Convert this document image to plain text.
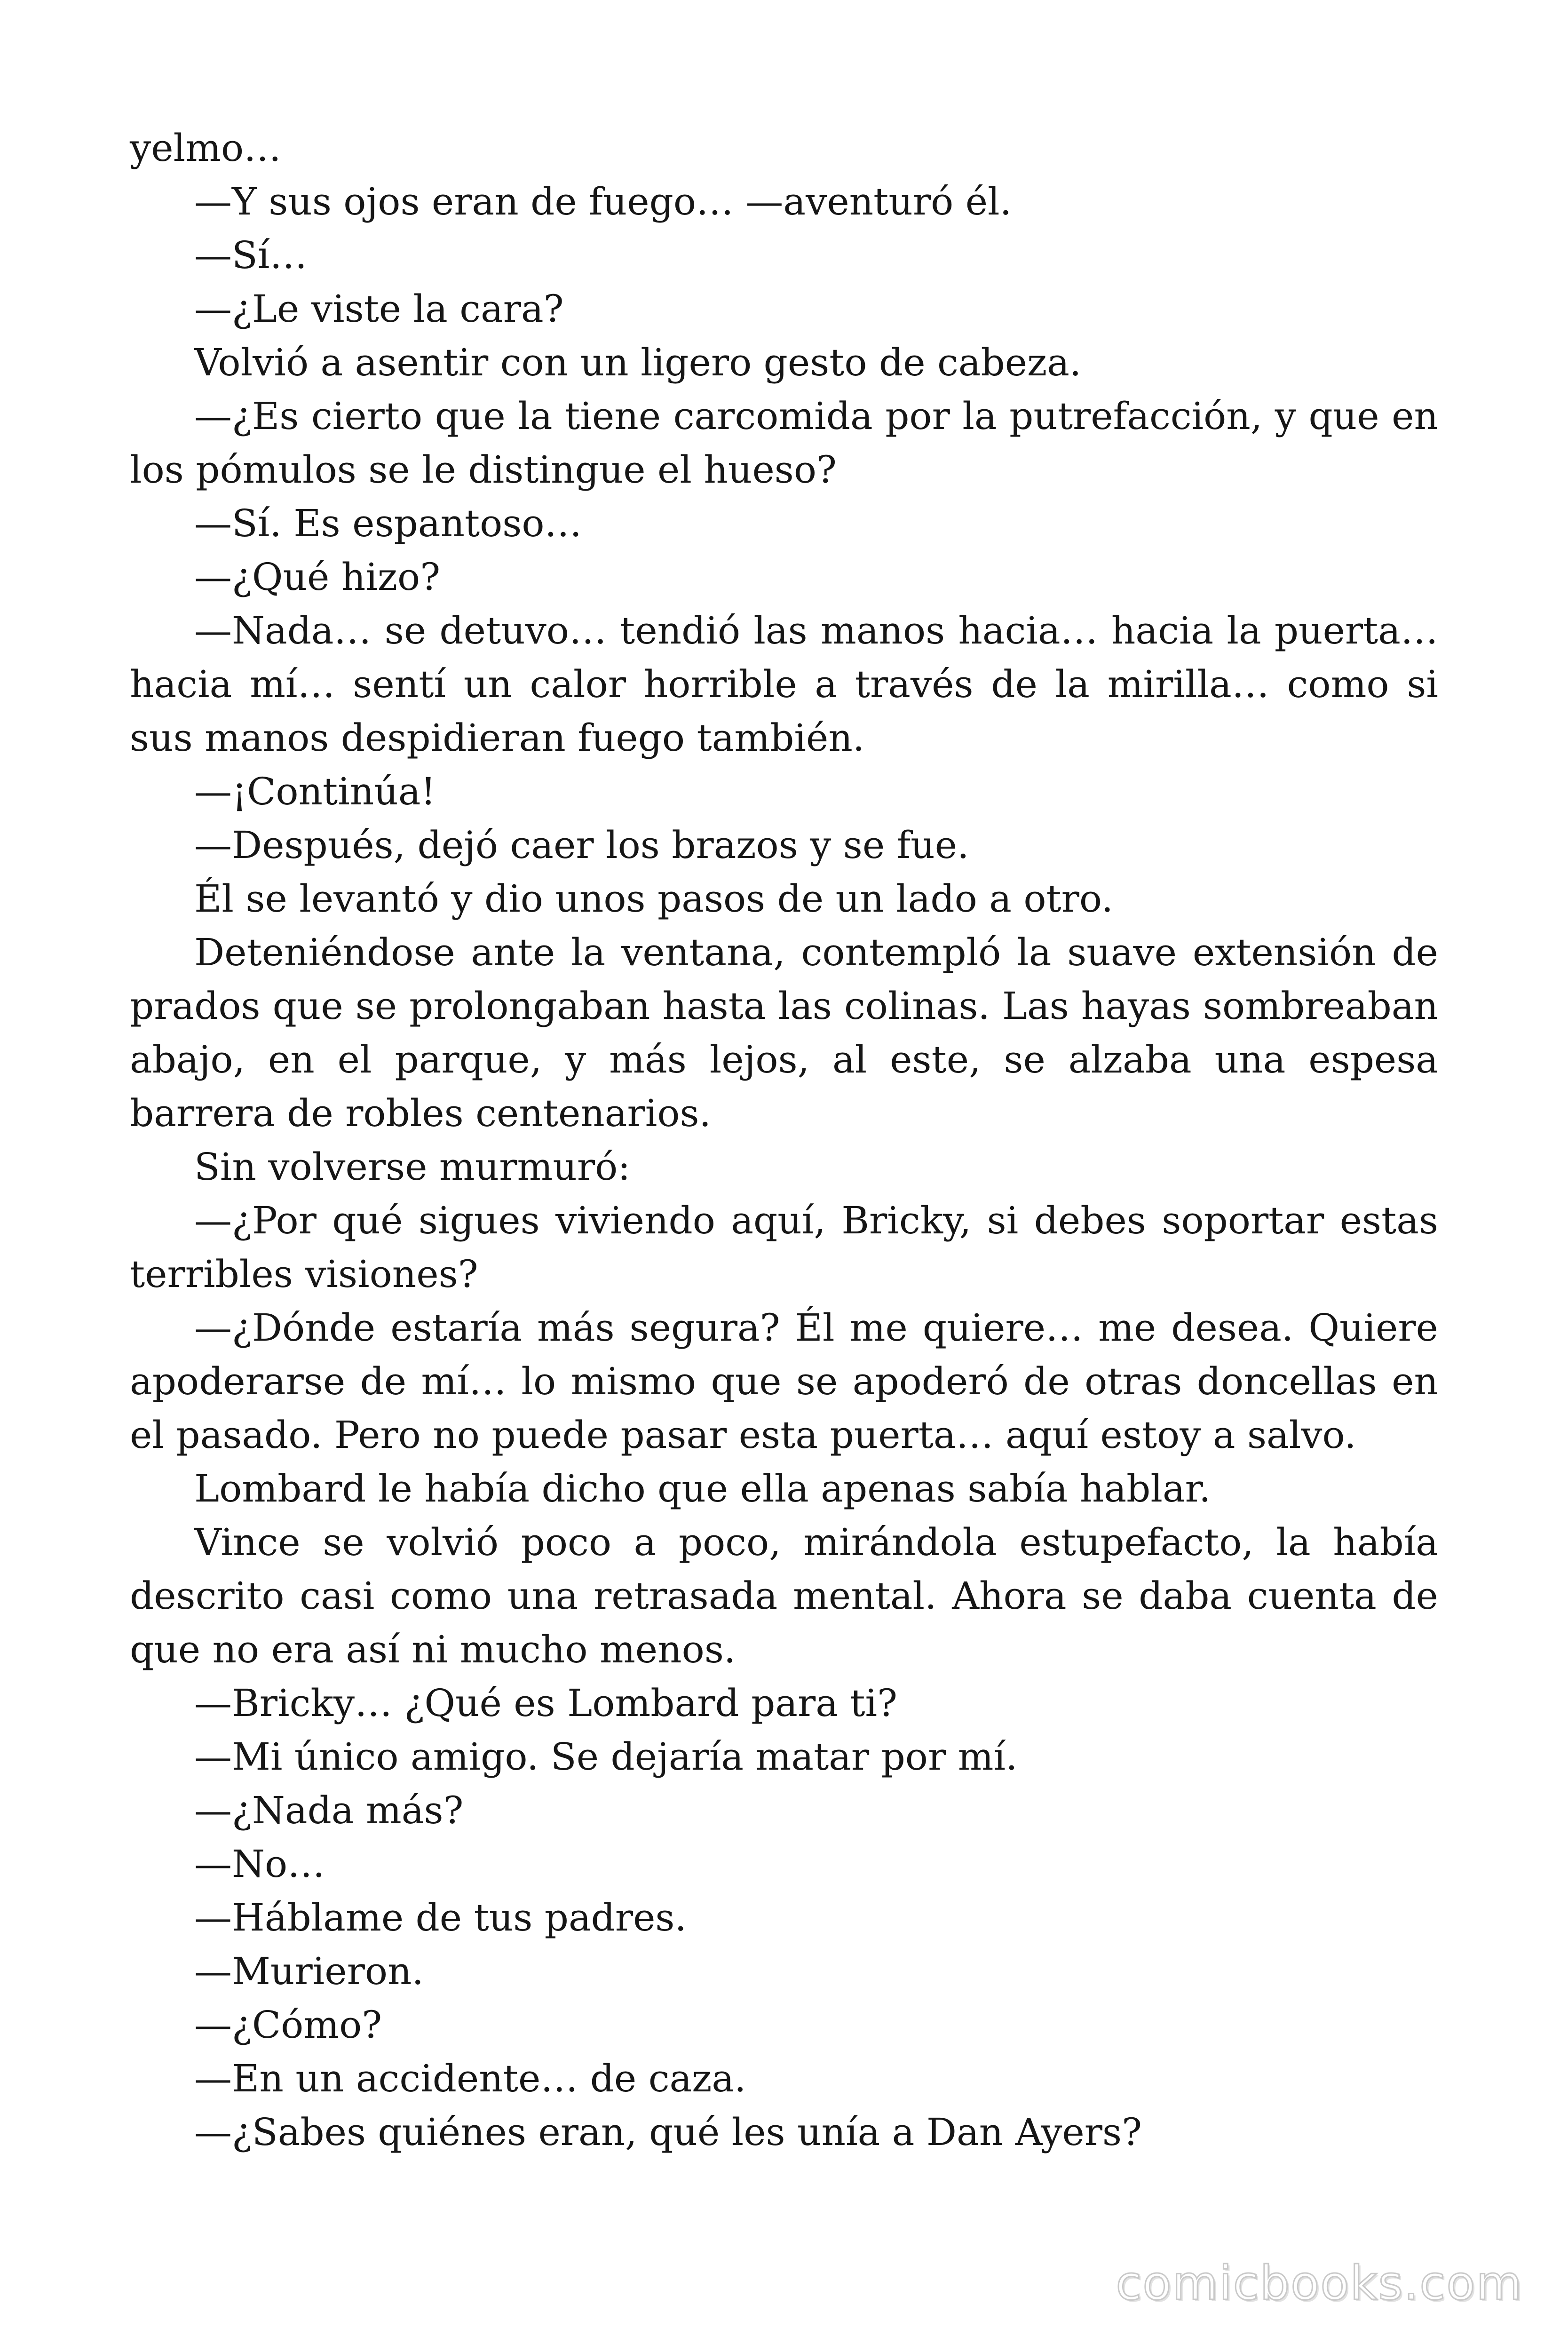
yelmo…

—Y sus ojos eran de fuego… —aventuró él.

—Sí…

—¿Le viste la cara?

Volvió a asentir con un ligero gesto de cabeza.

—¿Es cierto que la tiene carcomida por la putrefacción, y que en los pómulos se le distingue el hueso?

—Sí. Es espantoso…

—¿Qué hizo?

—Nada… se detuvo… tendió las manos hacia… hacia la puerta… hacia mí… sentí un calor horrible a través de la mirilla… como si sus manos despidieran fuego también.

—¡Continúa!

—Después, dejó caer los brazos y se fue.

Él se levantó y dio unos pasos de un lado a otro.

Deteniéndose ante la ventana, contempló la suave extensión de prados que se prolongaban hasta las colinas. Las hayas sombreaban abajo, en el parque, y más lejos, al este, se alzaba una espesa barrera de robles centenarios.

Sin volverse murmuró:

—¿Por qué sigues viviendo aquí, Bricky, si debes soportar estas terribles visiones?

—¿Dónde estaría más segura? Él me quiere… me desea. Quiere apoderarse de mí… lo mismo que se apoderó de otras doncellas en el pasado. Pero no puede pasar esta puerta… aquí estoy a salvo.

Lombard le había dicho que ella apenas sabía hablar.

Vince se volvió poco a poco, mirándola estupefacto, la había descrito casi como una retrasada mental. Ahora se daba cuenta de que no era así ni mucho menos.

—Bricky… ¿Qué es Lombard para ti?

—Mi único amigo. Se dejaría matar por mí.

—¿Nada más?

—No…

—Háblame de tus padres.

—Murieron.

—¿Cómo?

—En un accidente… de caza.

—¿Sabes quiénes eran, qué les unía a Dan Ayers?

comicbooks.com
